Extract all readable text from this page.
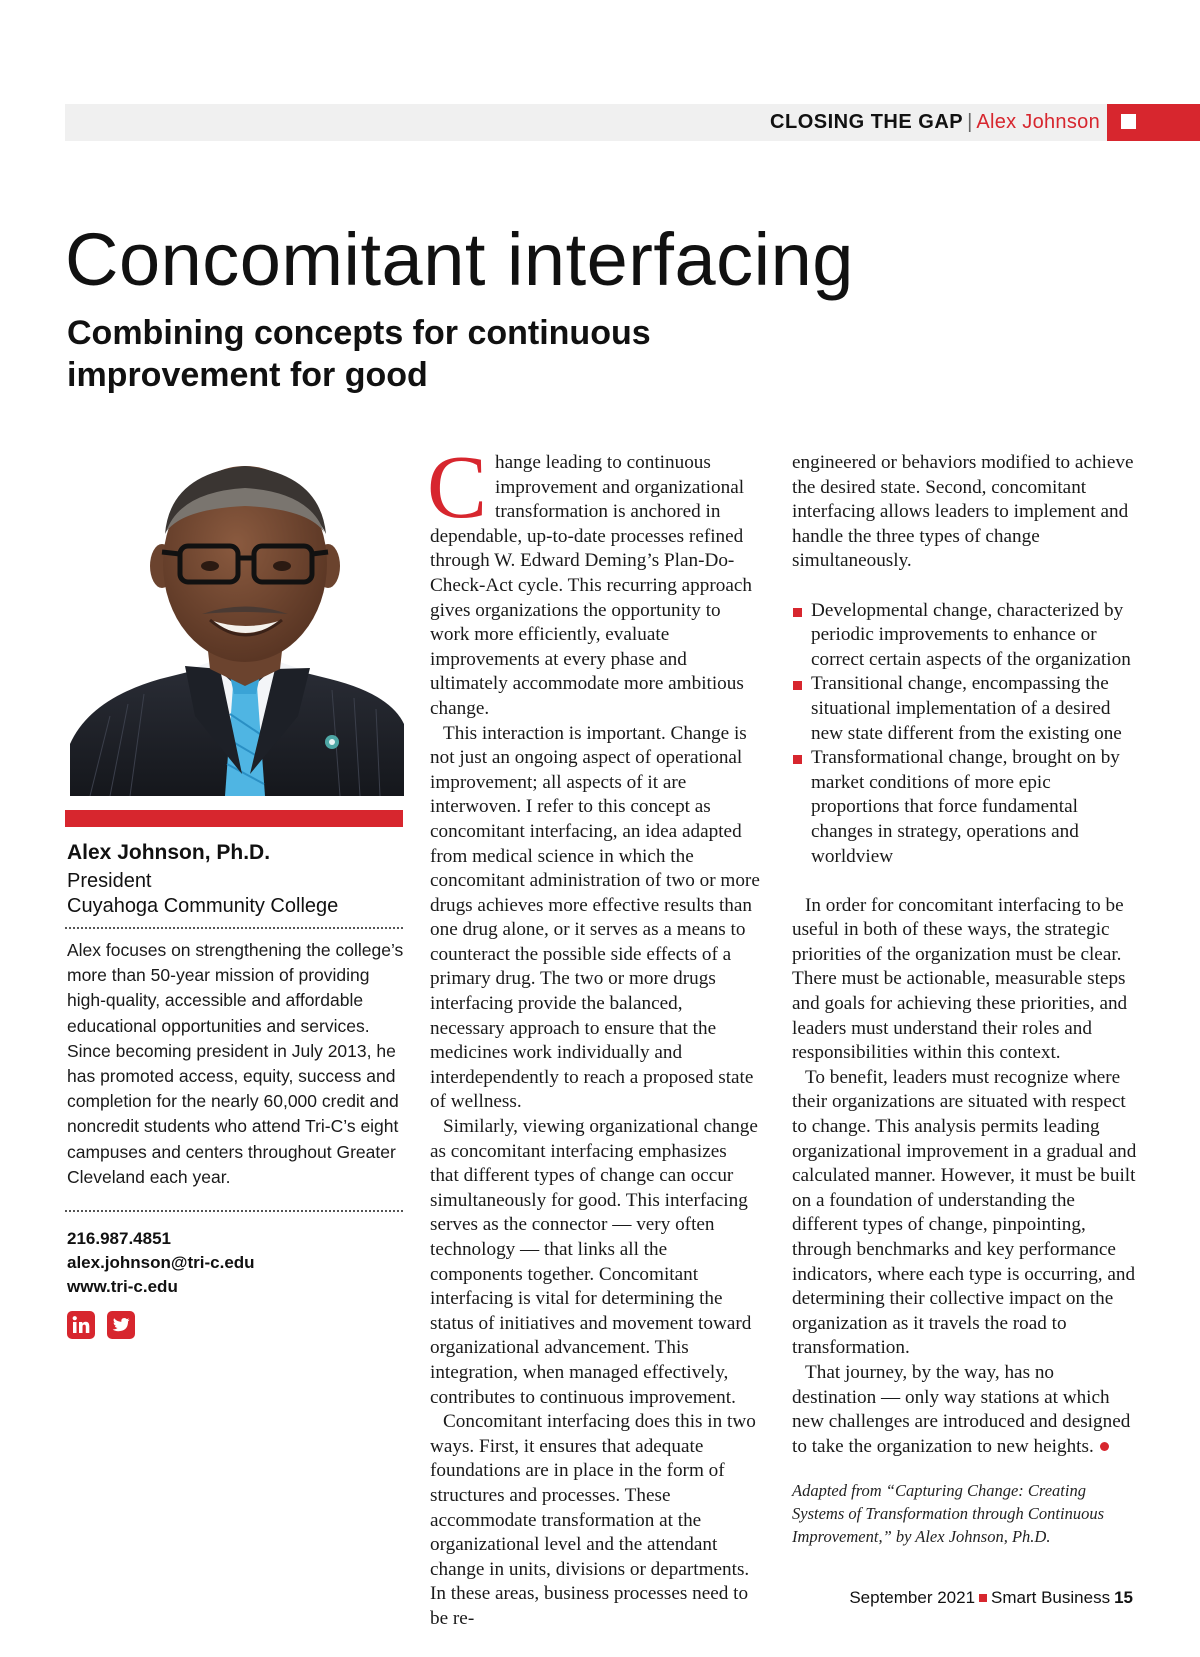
CLOSING THE GAP | Alex Johnson
Concomitant interfacing
Combining concepts for continuous improvement for good
Alex Johnson, Ph.D.
President
Cuyahoga Community College

Alex focuses on strengthening the college’s more than 50-year mission of providing high-quality, accessible and affordable educational opportunities and services. Since becoming president in July 2013, he has promoted access, equity, success and completion for the nearly 60,000 credit and noncredit students who attend Tri-C’s eight campuses and centers throughout Greater Cleveland each year.

216.987.4851
alex.johnson@tri-c.edu
www.tri-c.edu

Change leading to continuous improvement and organizational transformation is anchored in dependable, up-to-date processes refined through W. Edward Deming’s Plan-Do-Check-Act cycle. This recurring approach gives organizations the opportunity to work more efficiently, evaluate improvements at every phase and ultimately accommodate more ambitious change.

This interaction is important. Change is not just an ongoing aspect of operational improvement; all aspects of it are interwoven. I refer to this concept as concomitant interfacing, an idea adapted from medical science in which the concomitant administration of two or more drugs achieves more effective results than one drug alone, or it serves as a means to counteract the possible side effects of a primary drug. The two or more drugs interfacing provide the balanced, necessary approach to ensure that the medicines work individually and interdependently to reach a proposed state of wellness.

Similarly, viewing organizational change as concomitant interfacing emphasizes that different types of change can occur simultaneously for good. This interfacing serves as the connector — very often technology — that links all the components together. Concomitant interfacing is vital for determining the status of initiatives and movement toward organizational advancement. This integration, when managed effectively, contributes to continuous improvement.

Concomitant interfacing does this in two ways. First, it ensures that adequate foundations are in place in the form of structures and processes. These accommodate transformation at the organizational level and the attendant change in units, divisions or departments. In these areas, business processes need to be re-

engineered or behaviors modified to achieve the desired state. Second, concomitant interfacing allows leaders to implement and handle the three types of change simultaneously.

Developmental change, characterized by periodic improvements to enhance or correct certain aspects of the organization
Transitional change, encompassing the situational implementation of a desired new state different from the existing one
Transformational change, brought on by market conditions of more epic proportions that force fundamental changes in strategy, operations and worldview

In order for concomitant interfacing to be useful in both of these ways, the strategic priorities of the organization must be clear. There must be actionable, measurable steps and goals for achieving these priorities, and leaders must understand their roles and responsibilities within this context.

To benefit, leaders must recognize where their organizations are situated with respect to change. This analysis permits leading organizational improvement in a gradual and calculated manner. However, it must be built on a foundation of understanding the different types of change, pinpointing, through benchmarks and key performance indicators, where each type is occurring, and determining their collective impact on the organization as it travels the road to transformation.

That journey, by the way, has no destination — only way stations at which new challenges are introduced and designed to take the organization to new heights.

Adapted from “Capturing Change: Creating Systems of Transformation through Continuous Improvement,” by Alex Johnson, Ph.D.

September 2021 Smart Business 15
